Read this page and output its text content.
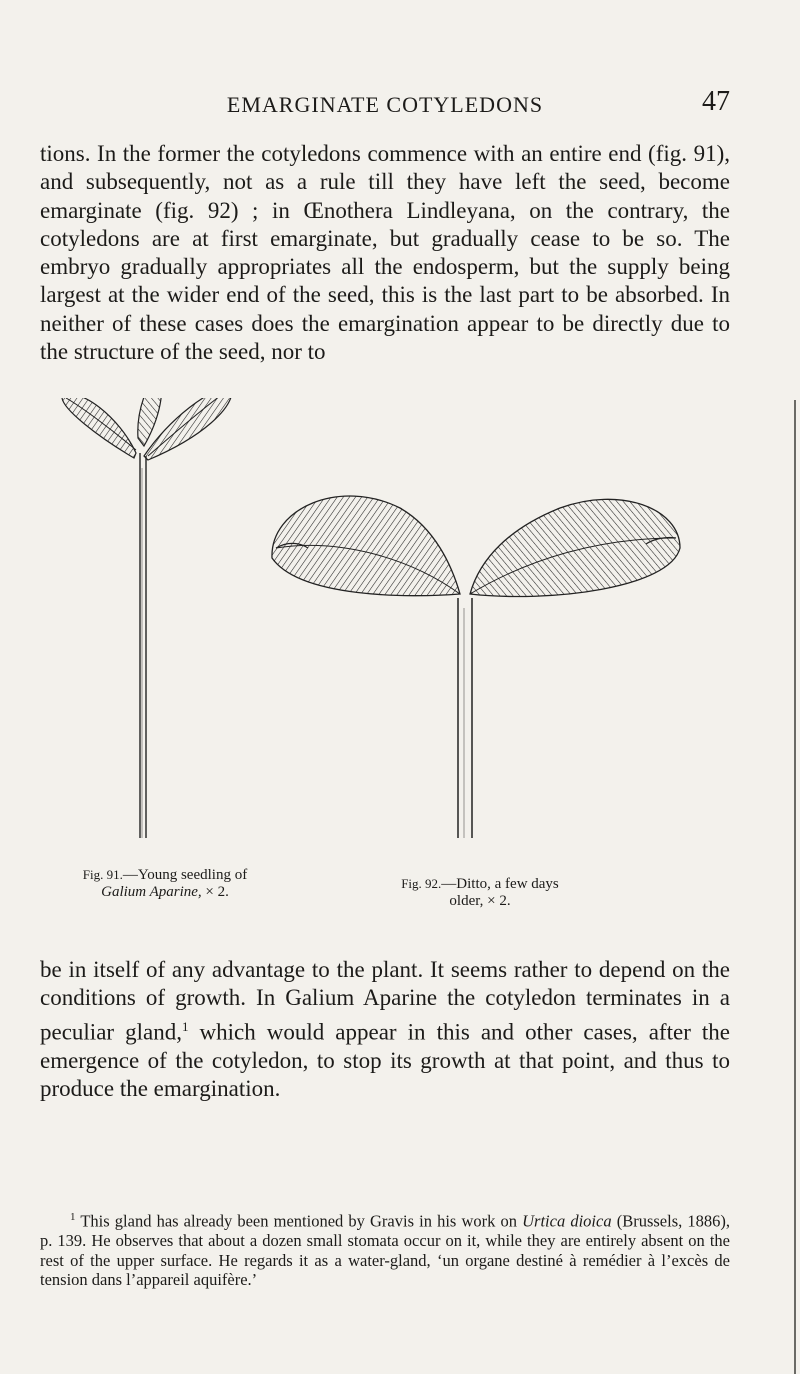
EMARGINATE COTYLEDONS	47

tions. In the former the cotyledons commence with an entire end (fig. 91), and subsequently, not as a rule till they have left the seed, become emarginate (fig. 92) ; in Œnothera Lindleyana, on the contrary, the cotyledons are at first emarginate, but gradually cease to be so. The embryo gradually appropriates all the endosperm, but the supply being largest at the wider end of the seed, this is the last part to be absorbed. In neither of these cases does the emargination appear to be directly due to the structure of the seed, nor to

Fig. 91.—Young seedling of
Galium Aparine, × 2.
Fig. 92.—Ditto, a few days
older, × 2.

be in itself of any advantage to the plant. It seems rather to depend on the conditions of growth. In Galium Aparine the cotyledon terminates in a peculiar gland,$^1$ which would appear in this and other cases, after the emergence of the cotyledon, to stop its growth at that point, and thus to produce the emargination.

$^1$ This gland has already been mentioned by Gravis in his work on Urtica dioica (Brussels, 1886), p. 139. He observes that about a dozen small stomata occur on it, while they are entirely absent on the rest of the upper surface. He regards it as a water-gland, ‘un organe destiné à remédier à l’excès de tension dans l’appareil aquifère.’
